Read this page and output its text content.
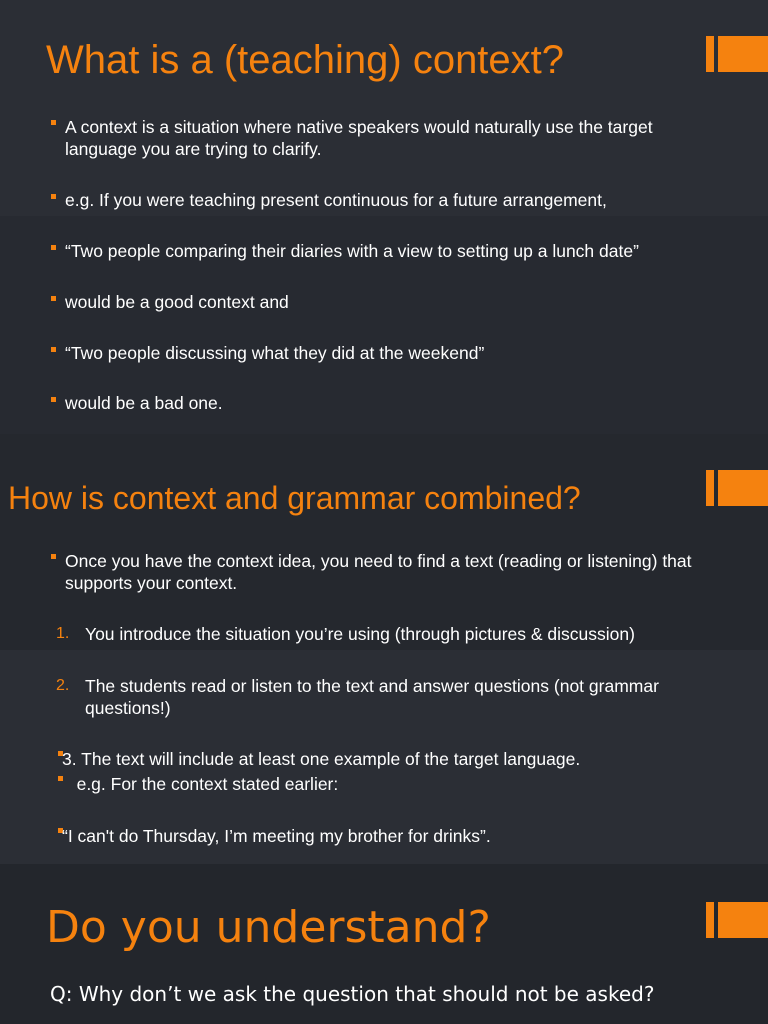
What is a (teaching) context?
A context is a situation where native speakers would naturally use the target language you are trying to clarify.
e.g. If you were teaching present continuous for a future arrangement,
“Two people comparing their diaries with a view to setting up a lunch date”
would be a good context and
“Two people discussing what they did at the weekend”
would be a bad one.
How is context and grammar combined?
Once you have the context idea, you need to find a text (reading or listening) that supports your context.
1. You introduce the situation you’re using (through pictures & discussion)
2. The students read or listen to the text and answer questions (not grammar questions!)
3. The text will include at least one example of the target language.
e.g. For the context stated earlier:
“I can't do Thursday, I’m meeting my brother for drinks”.
Do you understand?
Q: Why don’t we ask the question that should not be asked?
